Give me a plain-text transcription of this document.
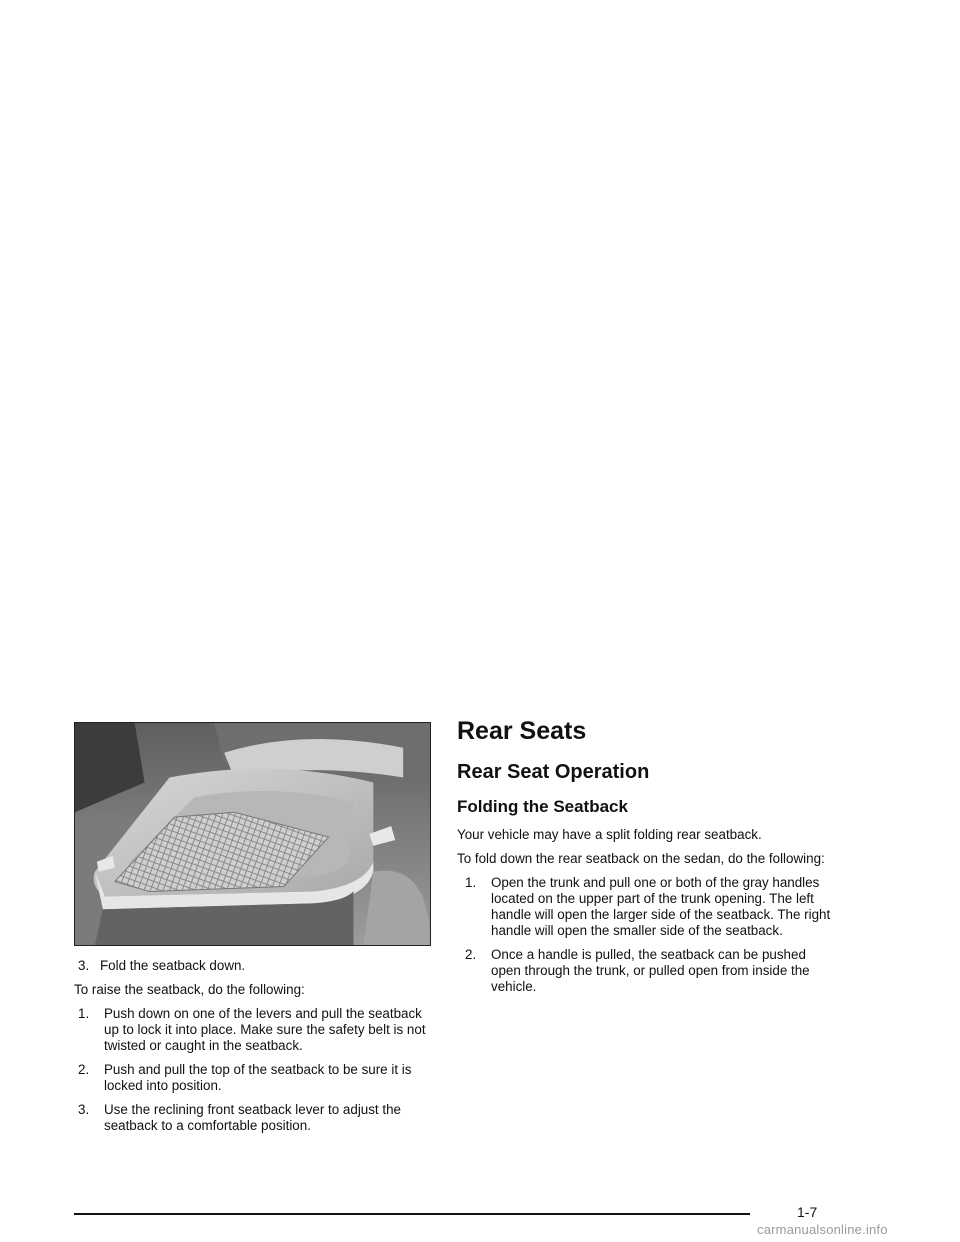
3. Fold the seatback down.

To raise the seatback, do the following:

1. Push down on one of the levers and pull the seatback up to lock it into place. Make sure the safety belt is not twisted or caught in the seatback.
2. Push and pull the top of the seatback to be sure it is locked into position.
3. Use the reclining front seatback lever to adjust the seatback to a comfortable position.
Rear Seats
Rear Seat Operation
Folding the Seatback

Your vehicle may have a split folding rear seatback.

To fold down the rear seatback on the sedan, do the following:

1. Open the trunk and pull one or both of the gray handles located on the upper part of the trunk opening. The left handle will open the larger side of the seatback. The right handle will open the smaller side of the seatback.
2. Once a handle is pulled, the seatback can be pushed open through the trunk, or pulled open from inside the vehicle.
1-7
carmanualsonline.info
